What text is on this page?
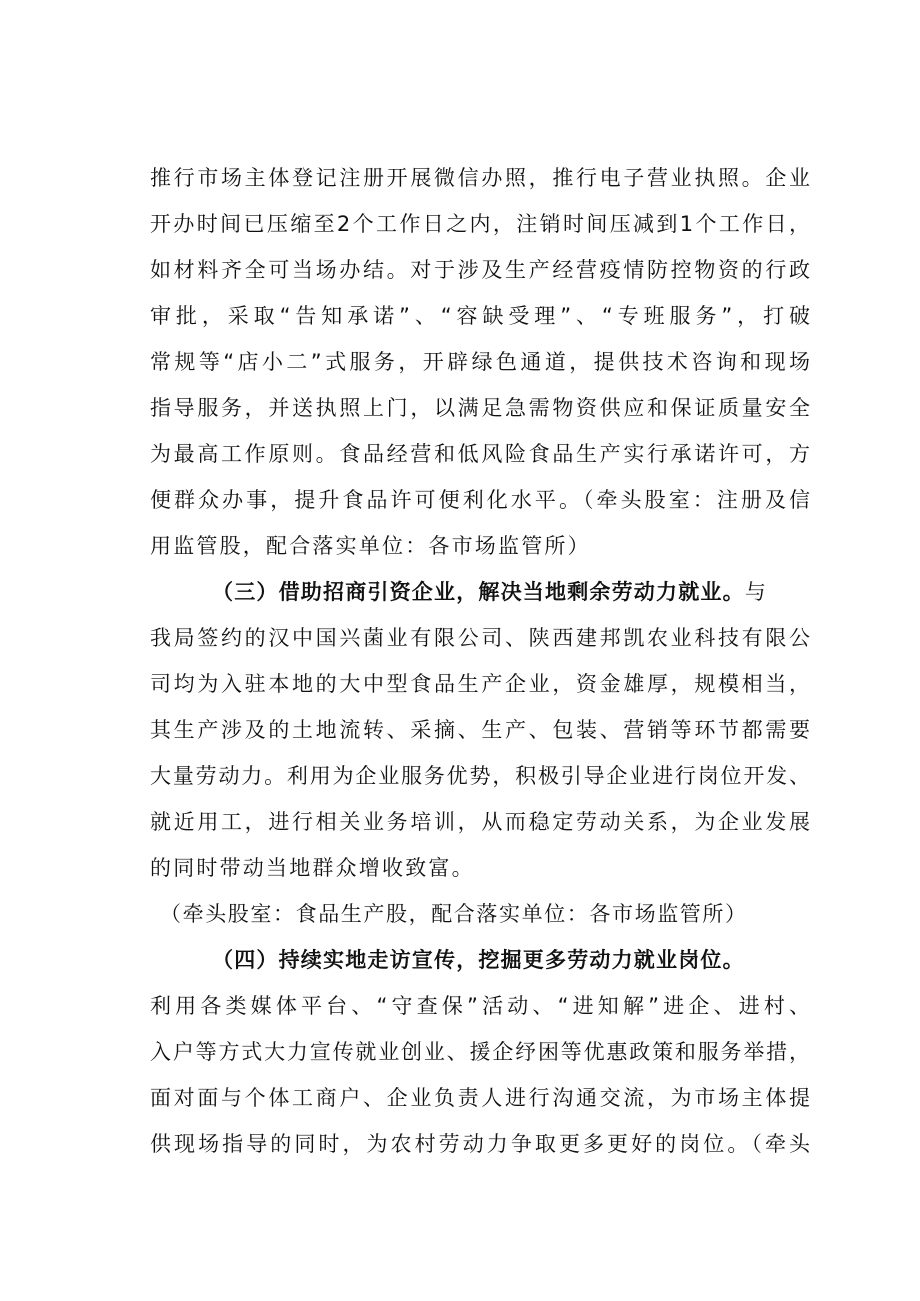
推行市场主体登记注册开展微信办照，推行电子营业执照。企业
开办时间已压缩至2个工作日之内，注销时间压减到1个工作日，
如材料齐全可当场办结。对于涉及生产经营疫情防控物资的行政
审批，采取“告知承诺”、“容缺受理”、“专班服务”，打破
常规等“店小二”式服务，开辟绿色通道，提供技术咨询和现场
指导服务，并送执照上门，以满足急需物资供应和保证质量安全
为最高工作原则。食品经营和低风险食品生产实行承诺许可，方
便群众办事，提升食品许可便利化水平。（牵头股室：注册及信
用监管股，配合落实单位：各市场监管所）
（三）借助招商引资企业，解决当地剩余劳动力就业。与
我局签约的汉中国兴菌业有限公司、陕西建邦凯农业科技有限公
司均为入驻本地的大中型食品生产企业，资金雄厚，规模相当，
其生产涉及的土地流转、采摘、生产、包装、营销等环节都需要
大量劳动力。利用为企业服务优势，积极引导企业进行岗位开发、
就近用工，进行相关业务培训，从而稳定劳动关系，为企业发展
的同时带动当地群众增收致富。
（牵头股室：食品生产股，配合落实单位：各市场监管所）
（四）持续实地走访宣传，挖掘更多劳动力就业岗位。
利用各类媒体平台、“守查保”活动、“进知解”进企、进村、
入户等方式大力宣传就业创业、援企纾困等优惠政策和服务举措，
面对面与个体工商户、企业负责人进行沟通交流，为市场主体提
供现场指导的同时，为农村劳动力争取更多更好的岗位。（牵头
